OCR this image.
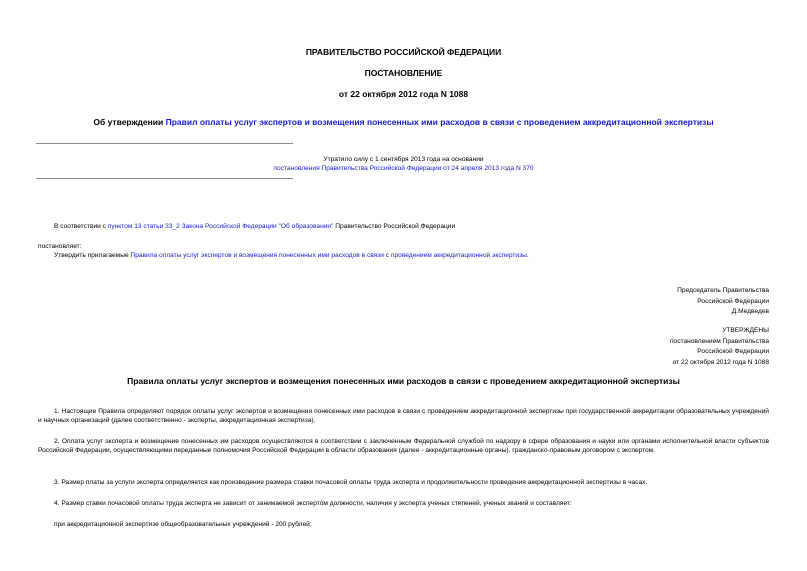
ПРАВИТЕЛЬСТВО РОССИЙСКОЙ ФЕДЕРАЦИИ
ПОСТАНОВЛЕНИЕ
от 22 октября 2012 года N 1088
Об утверждении Правил оплаты услуг экспертов и возмещения понесенных ими расходов в связи с проведением аккредитационной экспертизы
Утратило силу с 1 сентября 2013 года на основании
постановления Правительства Российской Федерации от 24 апреля 2013 года N 370
В соответствии с пунктом 13 статьи 33_2 Закона Российской Федерации "Об образовании" Правительство Российской Федерации
постановляет:
Утвердить прилагаемые Правила оплаты услуг экспертов и возмещения понесенных ими расходов в связи с проведением аккредитационной экспертизы.
Председатель Правительства
Российской Федерации
Д.Медведев
УТВЕРЖДЕНЫ
постановлением Правительства
Российской Федерации
от 22 октября 2012 года N 1088
Правила оплаты услуг экспертов и возмещения понесенных ими расходов в связи с проведением аккредитационной экспертизы
1. Настоящие Правила определяют порядок оплаты услуг экспертов и возмещения понесенных ими расходов в связи с проведением аккредитационной экспертизы при государственной аккредитации образовательных учреждений и научных организаций (далее соответственно - эксперты, аккредитационная экспертиза).
2. Оплата услуг эксперта и возмещение понесенных им расходов осуществляются в соответствии с заключенным Федеральной службой по надзору в сфере образования и науки или органами исполнительной власти субъектов Российской Федерации, осуществляющими переданные полномочия Российской Федерации в области образования (далее - аккредитационные органы), гражданско-правовым договором с экспертом.
3. Размер платы за услуги эксперта определяется как произведение размера ставки почасовой оплаты труда эксперта и продолжительности проведения аккредитационной экспертизы в часах.
4. Размер ставки почасовой оплаты труда эксперта не зависит от занимаемой экспертом должности, наличия у эксперта ученых степеней, ученых званий и составляет:
при аккредитационной экспертизе общеобразовательных учреждений - 200 рублей;
